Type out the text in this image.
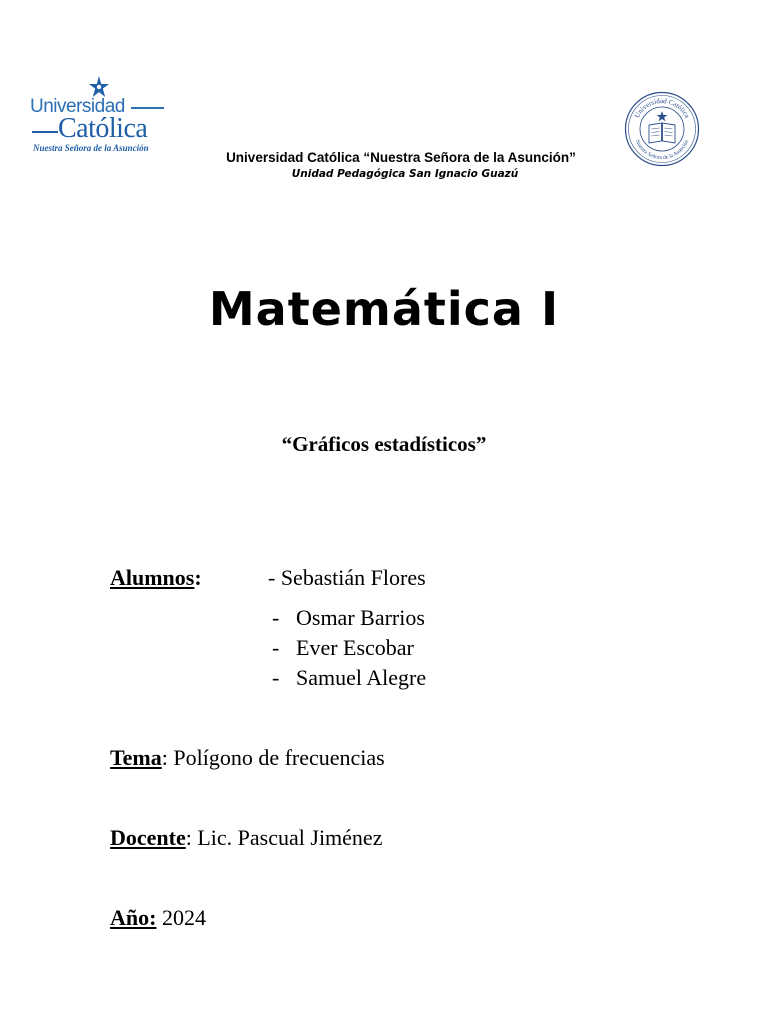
Universidad
Católica
Nuestra Señora de la Asunción
Universidad Católica
Nuestra Señora de la Asunción
Universidad Católica “Nuestra Señora de la Asunción”
Unidad Pedagógica San Ignacio Guazú
Matemática I
“Gráficos estadísticos”
Alumnos:	- Sebastián Flores
- Osmar Barrios
- Ever Escobar
- Samuel Alegre
Tema: Polígono de frecuencias
Docente: Lic. Pascual Jiménez
Año: 2024
